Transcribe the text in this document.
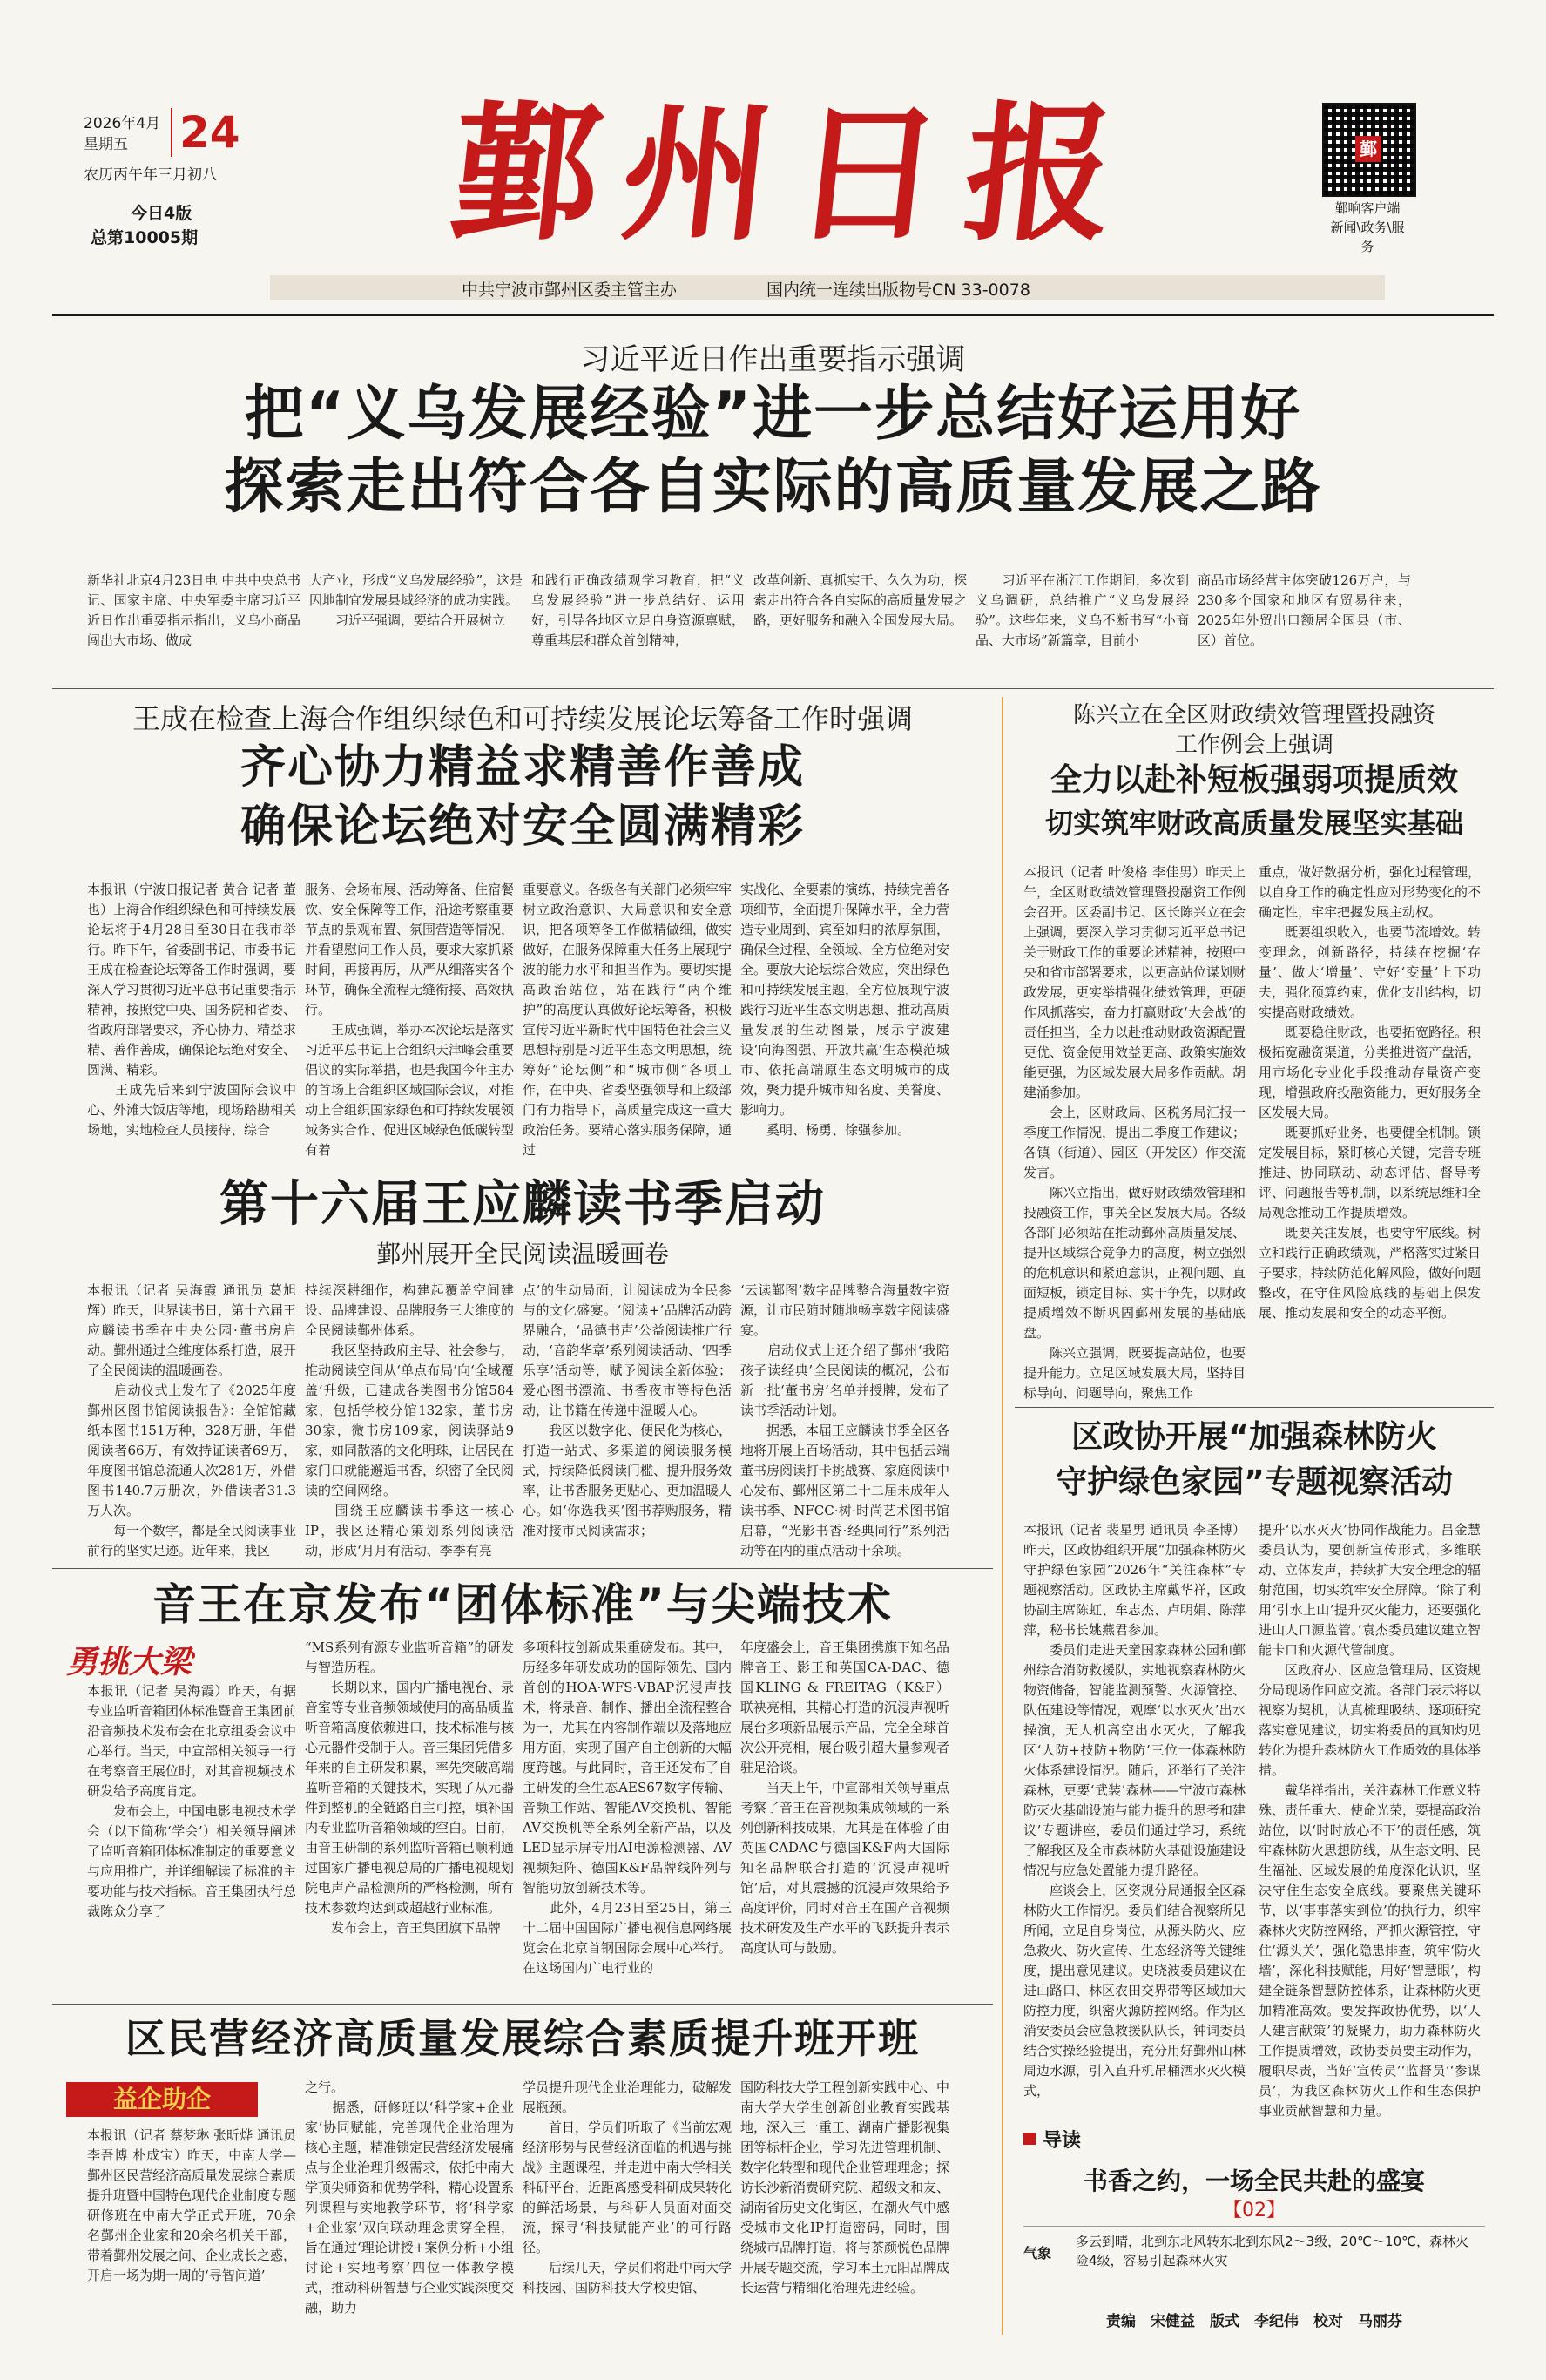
2026年4月
星期五	24
农历丙午年三月初八
今日4版
总第10005期 鄞 州 日 报	鄞
鄞响客户端
新闻\政务\服务
中共宁波市鄞州区委主管主办	国内统一连续出版物号CN 33-0078
习近平近日作出重要指示强调
把“义乌发展经验”进一步总结好运用好
探索走出符合各自实际的高质量发展之路
新华社北京4月23日电 中共中央总书记、国家主席、中央军委主席习近平近日作出重要指示指出，义乌小商品闯出大市场、做成
大产业，形成“义乌发展经验”，这是因地制宜发展县域经济的成功实践。
　　习近平强调，要结合开展树立
和践行正确政绩观学习教育，把“义乌发展经验”进一步总结好、运用好，引导各地区立足自身资源禀赋，尊重基层和群众首创精神，
改革创新、真抓实干、久久为功，探索走出符合各自实际的高质量发展之路，更好服务和融入全国发展大局。
　　习近平在浙江工作期间，多次到义乌调研，总结推广“义乌发展经验”。这些年来，义乌不断书写“小商品、大市场”新篇章，目前小
商品市场经营主体突破126万户，与230多个国家和地区有贸易往来，2025年外贸出口额居全国县（市、区）首位。
王成在检查上海合作组织绿色和可持续发展论坛筹备工作时强调
齐心协力精益求精善作善成
确保论坛绝对安全圆满精彩
本报讯（宁波日报记者 黄合 记者 董也）上海合作组织绿色和可持续发展论坛将于4月28日至30日在我市举行。昨下午，省委副书记、市委书记王成在检查论坛筹备工作时强调，要深入学习贯彻习近平总书记重要指示精神，按照党中央、国务院和省委、省政府部署要求，齐心协力、精益求精、善作善成，确保论坛绝对安全、圆满、精彩。
　　王成先后来到宁波国际会议中心、外滩大饭店等地，现场踏勘相关场地，实地检查人员接待、综合
服务、会场布展、活动筹备、住宿餐饮、安全保障等工作，沿途考察重要节点的景观布置、氛围营造等情况，并看望慰问工作人员，要求大家抓紧时间，再接再厉，从严从细落实各个环节，确保全流程无缝衔接、高效执行。
　　王成强调，举办本次论坛是落实习近平总书记上合组织天津峰会重要倡议的实际举措，也是我国今年主办的首场上合组织区域国际会议，对推动上合组织国家绿色和可持续发展领域务实合作、促进区域绿色低碳转型有着
重要意义。各级各有关部门必须牢牢树立政治意识、大局意识和安全意识，把各项筹备工作做精做细，做实做好，在服务保障重大任务上展现宁波的能力水平和担当作为。要切实提高政治站位，站在践行“两个维护”的高度认真做好论坛筹备，积极宣传习近平新时代中国特色社会主义思想特别是习近平生态文明思想，统筹好“论坛侧”和“城市侧”各项工作，在中央、省委坚强领导和上级部门有力指导下，高质量完成这一重大政治任务。要精心落实服务保障，通过
实战化、全要素的演练，持续完善各项细节，全面提升保障水平，全力营造专业周到、宾至如归的浓厚氛围，确保全过程、全领域、全方位绝对安全。要放大论坛综合效应，突出绿色和可持续发展主题，全方位展现宁波践行习近平生态文明思想、推动高质量发展的生动图景，展示宁波建设‘向海图强、开放共赢’生态模范城市、依托高端原生态文明城市的成效，聚力提升城市知名度、美誉度、影响力。
　　奚明、杨勇、徐强参加。
第十六届王应麟读书季启动
鄞州展开全民阅读温暖画卷
本报讯（记者 吴海霞 通讯员 葛旭辉）昨天，世界读书日，第十六届王应麟读书季在中央公园·董书房启动。鄞州通过全维度体系打造，展开了全民阅读的温暖画卷。
　　启动仪式上发布了《2025年度鄞州区图书馆阅读报告》：全馆馆藏纸本图书151万种，328万册，年借阅读者66万，有效持证读者69万，年度图书馆总流通人次281万，外借图书140.7万册次，外借读者31.3万人次。
　　每一个数字，都是全民阅读事业前行的坚实足迹。近年来，我区
持续深耕细作，构建起覆盖空间建设、品牌建设、品牌服务三大维度的全民阅读鄞州体系。
　　我区坚持政府主导、社会参与，推动阅读空间从‘单点布局’向‘全域覆盖’升级，已建成各类图书分馆584家，包括学校分馆132家，董书房30家，微书房109家，阅读驿站9家，如同散落的文化明珠，让居民在家门口就能邂逅书香，织密了全民阅读的空间网络。
　　围绕王应麟读书季这一核心IP，我区还精心策划系列阅读活动，形成‘月月有活动、季季有亮
点’的生动局面，让阅读成为全民参与的文化盛宴。‘阅读+’品牌活动跨界融合，‘品德书声’公益阅读推广行动，‘音韵华章’系列阅读活动、‘四季乐享’活动等，赋予阅读全新体验；爱心图书漂流、书香夜市等特色活动，让书籍在传递中温暖人心。
　　我区以数字化、便民化为核心，打造一站式、多渠道的阅读服务模式，持续降低阅读门槛、提升服务效率，让书香服务更贴心、更加温暖人心。如‘你选我买’图书荐购服务，精准对接市民阅读需求；
‘云读鄞图’数字品牌整合海量数字资源，让市民随时随地畅享数字阅读盛宴。
　　启动仪式上还介绍了鄞州‘我陪孩子读经典’全民阅读的概况，公布新一批‘董书房’名单并授牌，发布了读书季活动计划。
　　据悉，本届王应麟读书季全区各地将开展上百场活动，其中包括云端董书房阅读打卡挑战赛、家庭阅读中心发布、鄞州区第二十二届未成年人读书季、NFCC·树·时尚艺术图书馆启幕，“光影书香·经典同行”系列活动等在内的重点活动十余项。
音王在京发布“团体标准”与尖端技术
勇挑大梁
本报讯（记者 吴海霞）昨天，有据专业监听音箱团体标准暨音王集团前沿音频技术发布会在北京组委会议中心举行。当天，中宣部相关领导一行在考察音王展位时，对其音视频技术研发给予高度肯定。
　　发布会上，中国电影电视技术学会（以下简称‘学会’）相关领导阐述了监听音箱团体标准制定的重要意义与应用推广，并详细解读了标准的主要功能与技术指标。音王集团执行总裁陈众分享了
“MS系列有源专业监听音箱”的研发与智造历程。
　　长期以来，国内广播电视台、录音室等专业音频领域使用的高品质监听音箱高度依赖进口，技术标准与核心元器件受制于人。音王集团凭借多年来的自主研发积累，率先突破高端监听音箱的关键技术，实现了从元器件到整机的全链路自主可控，填补国内专业监听音箱领域的空白。目前，由音王研制的系列监听音箱已顺利通过国家广播电视总局的广播电视规划院电声产品检测所的严格检测，所有技术参数均达到或超越行业标准。
　　发布会上，音王集团旗下品牌
多项科技创新成果重磅发布。其中，历经多年研发成功的国际领先、国内首创的HOA·WFS·VBAP沉浸声技术，将录音、制作、播出全流程整合为一，尤其在内容制作端以及落地应用方面，实现了国产自主创新的大幅度跨越。与此同时，音王还发布了自主研发的全生态AES67数字传输、音频工作站、智能AV交换机、智能AV交换机等全系列全新产品，以及LED显示屏专用AI电源检测器、AV视频矩阵、德国K&F品牌线阵列与智能功放创新技术等。
　　此外，4月23日至25日，第三十二届中国国际广播电视信息网络展览会在北京首钢国际会展中心举行。在这场国内广电行业的
年度盛会上，音王集团携旗下知名品牌音王、影王和英国CA-DAC、德国KLING & FREITAG（K&F）联袂亮相，其精心打造的沉浸声视听展台多项新品展示产品，完全全球首次公开亮相，展台吸引超大量参观者驻足洽谈。
　　当天上午，中宣部相关领导重点考察了音王在音视频集成领域的一系列创新科技成果，尤其是在体验了由英国CADAC与德国K&F两大国际知名品牌联合打造的‘沉浸声视听馆’后，对其震撼的沉浸声效果给予高度评价，同时对音王在国产音视频技术研发及生产水平的飞跃提升表示高度认可与鼓励。
区民营经济高质量发展综合素质提升班开班
益企助企
本报讯（记者 蔡梦琳 张昕烨 通讯员 李吾博 朴成宝）昨天，中南大学—鄞州区民营经济高质量发展综合素质提升班暨中国特色现代企业制度专题研修班在中南大学正式开班，70余名鄞州企业家和20余名机关干部，带着鄞州发展之问、企业成长之惑，开启一场为期一周的‘寻智问道’
之行。
　　据悉，研修班以‘科学家+企业家’协同赋能，完善现代企业治理为核心主题，精准锁定民营经济发展痛点与企业治理升级需求，依托中南大学顶尖师资和优势学科，精心设置系列课程与实地教学环节，将‘科学家+企业家’双向联动理念贯穿全程，旨在通过‘理论讲授+案例分析+小组讨论+实地考察’四位一体教学模式，推动科研智慧与企业实践深度交融，助力
学员提升现代企业治理能力，破解发展瓶颈。
　　首日，学员们听取了《当前宏观经济形势与民营经济面临的机遇与挑战》主题课程，并走进中南大学相关科研平台，近距离感受科研成果转化的鲜活场景，与科研人员面对面交流，探寻‘科技赋能产业’的可行路径。
　　后续几天，学员们将赴中南大学科技园、国防科技大学校史馆、
国防科技大学工程创新实践中心、中南大学大学生创新创业教育实践基地，深入三一重工、湖南广播影视集团等标杆企业，学习先进管理机制、数字化转型和现代企业管理理念；探访长沙新消费研究院、超级文和友、湖南省历史文化街区，在潮火气中感受城市文化IP打造密码，同时，围绕城市品牌打造，将与茶颜悦色品牌开展专题交流，学习本土元阳品牌成长运营与精细化治理先进经验。
陈兴立在全区财政绩效管理暨投融资
工作例会上强调
全力以赴补短板强弱项提质效
切实筑牢财政高质量发展坚实基础
本报讯（记者 叶俊格 李佳男）昨天上午，全区财政绩效管理暨投融资工作例会召开。区委副书记、区长陈兴立在会上强调，要深入学习贯彻习近平总书记关于财政工作的重要论述精神，按照中央和省市部署要求，以更高站位谋划财政发展，更实举措强化绩效管理，更硬作风抓落实，奋力打赢财政‘大会战’的责任担当，全力以赴推动财政资源配置更优、资金使用效益更高、政策实施效能更强，为区域发展大局多作贡献。胡建涌参加。
　　会上，区财政局、区税务局汇报一季度工作情况，提出二季度工作建议；各镇（街道）、园区（开发区）作交流发言。
　　陈兴立指出，做好财政绩效管理和投融资工作，事关全区发展大局。各级各部门必须站在推动鄞州高质量发展、提升区域综合竞争力的高度，树立强烈的危机意识和紧迫意识，正视问题、直面短板，锁定目标、实干争先，以财政提质增效不断巩固鄞州发展的基础底盘。
　　陈兴立强调，既要提高站位，也要提升能力。立足区域发展大局，坚持目标导向、问题导向，聚焦工作
重点，做好数据分析，强化过程管理，以自身工作的确定性应对形势变化的不确定性，牢牢把握发展主动权。
　　既要组织收入，也要节流增效。转变理念，创新路径，持续在挖掘‘存量’、做大‘增量’、守好‘变量’上下功夫，强化预算约束，优化支出结构，切实提高财政绩效。
　　既要稳住财政，也要拓宽路径。积极拓宽融资渠道，分类推进资产盘活，用市场化专业化手段推动存量资产变现，增强政府投融资能力，更好服务全区发展大局。
　　既要抓好业务，也要健全机制。锁定发展目标，紧盯核心关键，完善专班推进、协同联动、动态评估、督导考评、问题报告等机制，以系统思维和全局观念推动工作提质增效。
　　既要关注发展，也要守牢底线。树立和践行正确政绩观，严格落实过紧日子要求，持续防范化解风险，做好问题整改，在守住风险底线的基础上保发展、推动发展和安全的动态平衡。
区政协开展“加强森林防火
守护绿色家园”专题视察活动
本报讯（记者 裴星男 通讯员 李圣博）昨天，区政协组织开展“加强森林防火 守护绿色家园”2026年“关注森林”专题视察活动。区政协主席戴华祥，区政协副主席陈虹、牟志杰、卢明娟、陈萍萍，秘书长姚燕君参加。
　　委员们走进天童国家森林公园和鄞州综合消防救援队，实地视察森林防火物资储备，智能监测预警、火源管控、队伍建设等情况，观摩‘以水灭火’出水操演，无人机高空出水灭火，了解我区‘人防+技防+物防’三位一体森林防火体系建设情况。随后，还举行了关注森林，更要‘武装’森林——宁波市森林防灭火基础设施与能力提升的思考和建议’专题讲座，委员们通过学习，系统了解我区及全市森林防火基础设施建设情况与应急处置能力提升路径。
　　座谈会上，区资规分局通报全区森林防火工作情况。委员们结合视察所见所闻，立足自身岗位，从源头防火、应急救火、防火宣传、生态经济等关键维度，提出意见建议。史晓波委员建议在进山路口、林区农田交界带等区域加大防控力度，织密火源防控网络。作为区消安委员会应急救援队队长，钟词委员结合实操经验提出，充分用好鄞州山林周边水源，引入直升机吊桶洒水灭火模式，
提升‘以水灭火’协同作战能力。吕金慧委员认为，要创新宣传形式，多维联动、立体发声，持续扩大安全理念的辐射范围，切实筑牢安全屏障。‘除了利用‘引水上山’提升灭火能力，还要强化进山人口源监管。’袁杰委员建议建立智能卡口和火源代管制度。
　　区政府办、区应急管理局、区资规分局现场作回应交流。各部门表示将以视察为契机，认真梳理吸纳、逐项研究落实意见建议，切实将委员的真知灼见转化为提升森林防火工作质效的具体举措。
　　戴华祥指出，关注森林工作意义特殊、责任重大、使命光荣，要提高政治站位，以‘时时放心不下’的责任感，筑牢森林防火思想防线，从生态文明、民生福祉、区域发展的角度深化认识，坚决守住生态安全底线。要聚焦关键环节，以‘事事落实到位’的执行力，织牢森林火灾防控网络，严抓火源管控，守住‘源头关’，强化隐患排查，筑牢‘防火墙’，深化科技赋能，用好‘智慧眼’，构建全链条智慧防控体系，让森林防火更加精准高效。要发挥政协优势，以‘人人建言献策’的凝聚力，助力森林防火工作提质增效，政协委员要主动作为，履职尽责，当好‘宣传员’‘监督员’‘参谋员’，为我区森林防火工作和生态保护事业贡献智慧和力量。
导读
书香之约，一场全民共赴的盛宴
【02】
气象
多云到晴，北到东北风转东北到东风2～3级，20℃～10℃，森林火险4级，容易引起森林火灾
责编　宋健益　版式　李纪伟　校对　马丽芬
